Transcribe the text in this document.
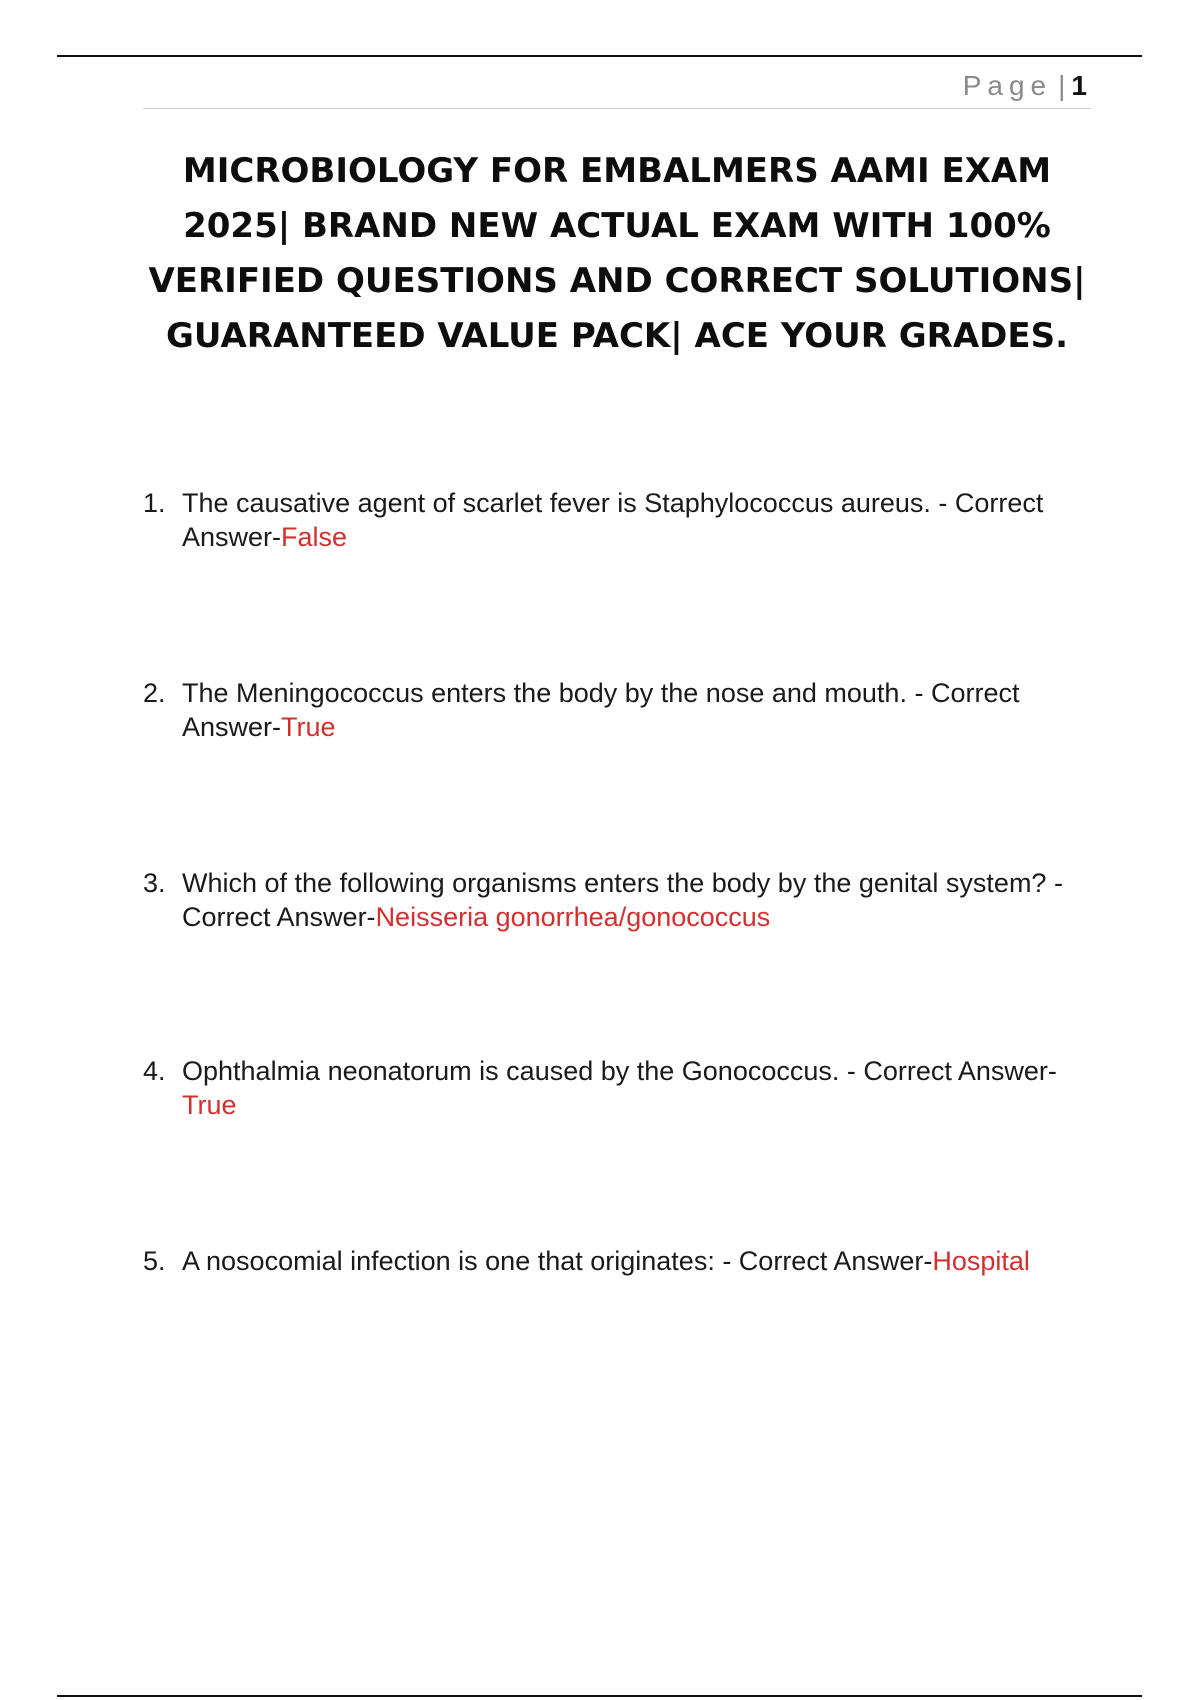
Page | 1
MICROBIOLOGY FOR EMBALMERS AAMI EXAM 2025| BRAND NEW ACTUAL EXAM WITH 100% VERIFIED QUESTIONS AND CORRECT SOLUTIONS| GUARANTEED VALUE PACK| ACE YOUR GRADES.
1. The causative agent of scarlet fever is Staphylococcus aureus. - Correct Answer-False
2. The Meningococcus enters the body by the nose and mouth. - Correct Answer-True
3. Which of the following organisms enters the body by the genital system? - Correct Answer-Neisseria gonorrhea/gonococcus
4. Ophthalmia neonatorum is caused by the Gonococcus. - Correct Answer-True
5. A nosocomial infection is one that originates: - Correct Answer-Hospital
